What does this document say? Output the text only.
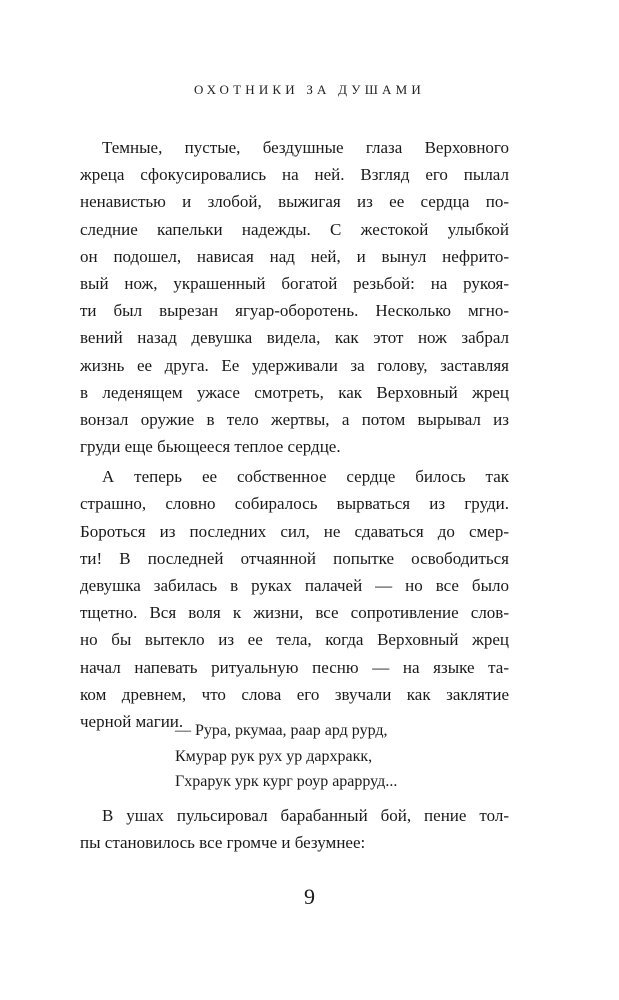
ОХОТНИКИ ЗА ДУШАМИ
Темные, пустые, бездушные глаза Верховного
жреца сфокусировались на ней. Взгляд его пылал
ненавистью и злобой, выжигая из ее сердца по-
следние капельки надежды. С жестокой улыбкой
он подошел, нависая над ней, и вынул нефрито-
вый нож, украшенный богатой резьбой: на рукоя-
ти был вырезан ягуар-оборотень. Несколько мгно-
вений назад девушка видела, как этот нож забрал
жизнь ее друга. Ее удерживали за голову, заставляя
в леденящем ужасе смотреть, как Верховный жрец
вонзал оружие в тело жертвы, а потом вырывал из
груди еще бьющееся теплое сердце.
А теперь ее собственное сердце билось так
страшно, словно собиралось вырваться из груди.
Бороться из последних сил, не сдаваться до смер-
ти! В последней отчаянной попытке освободиться
девушка забилась в руках палачей — но все было
тщетно. Вся воля к жизни, все сопротивление слов-
но бы вытекло из ее тела, когда Верховный жрец
начал напевать ритуальную песню — на языке та-
ком древнем, что слова его звучали как заклятие
черной магии.
— Рура, ркумаа, раар ард рурд,
Кмурар рук рух ур дархракк,
Гхрарук урк кург роур арарруд...
В ушах пульсировал барабанный бой, пение тол-
пы становилось все громче и безумнее:
9
